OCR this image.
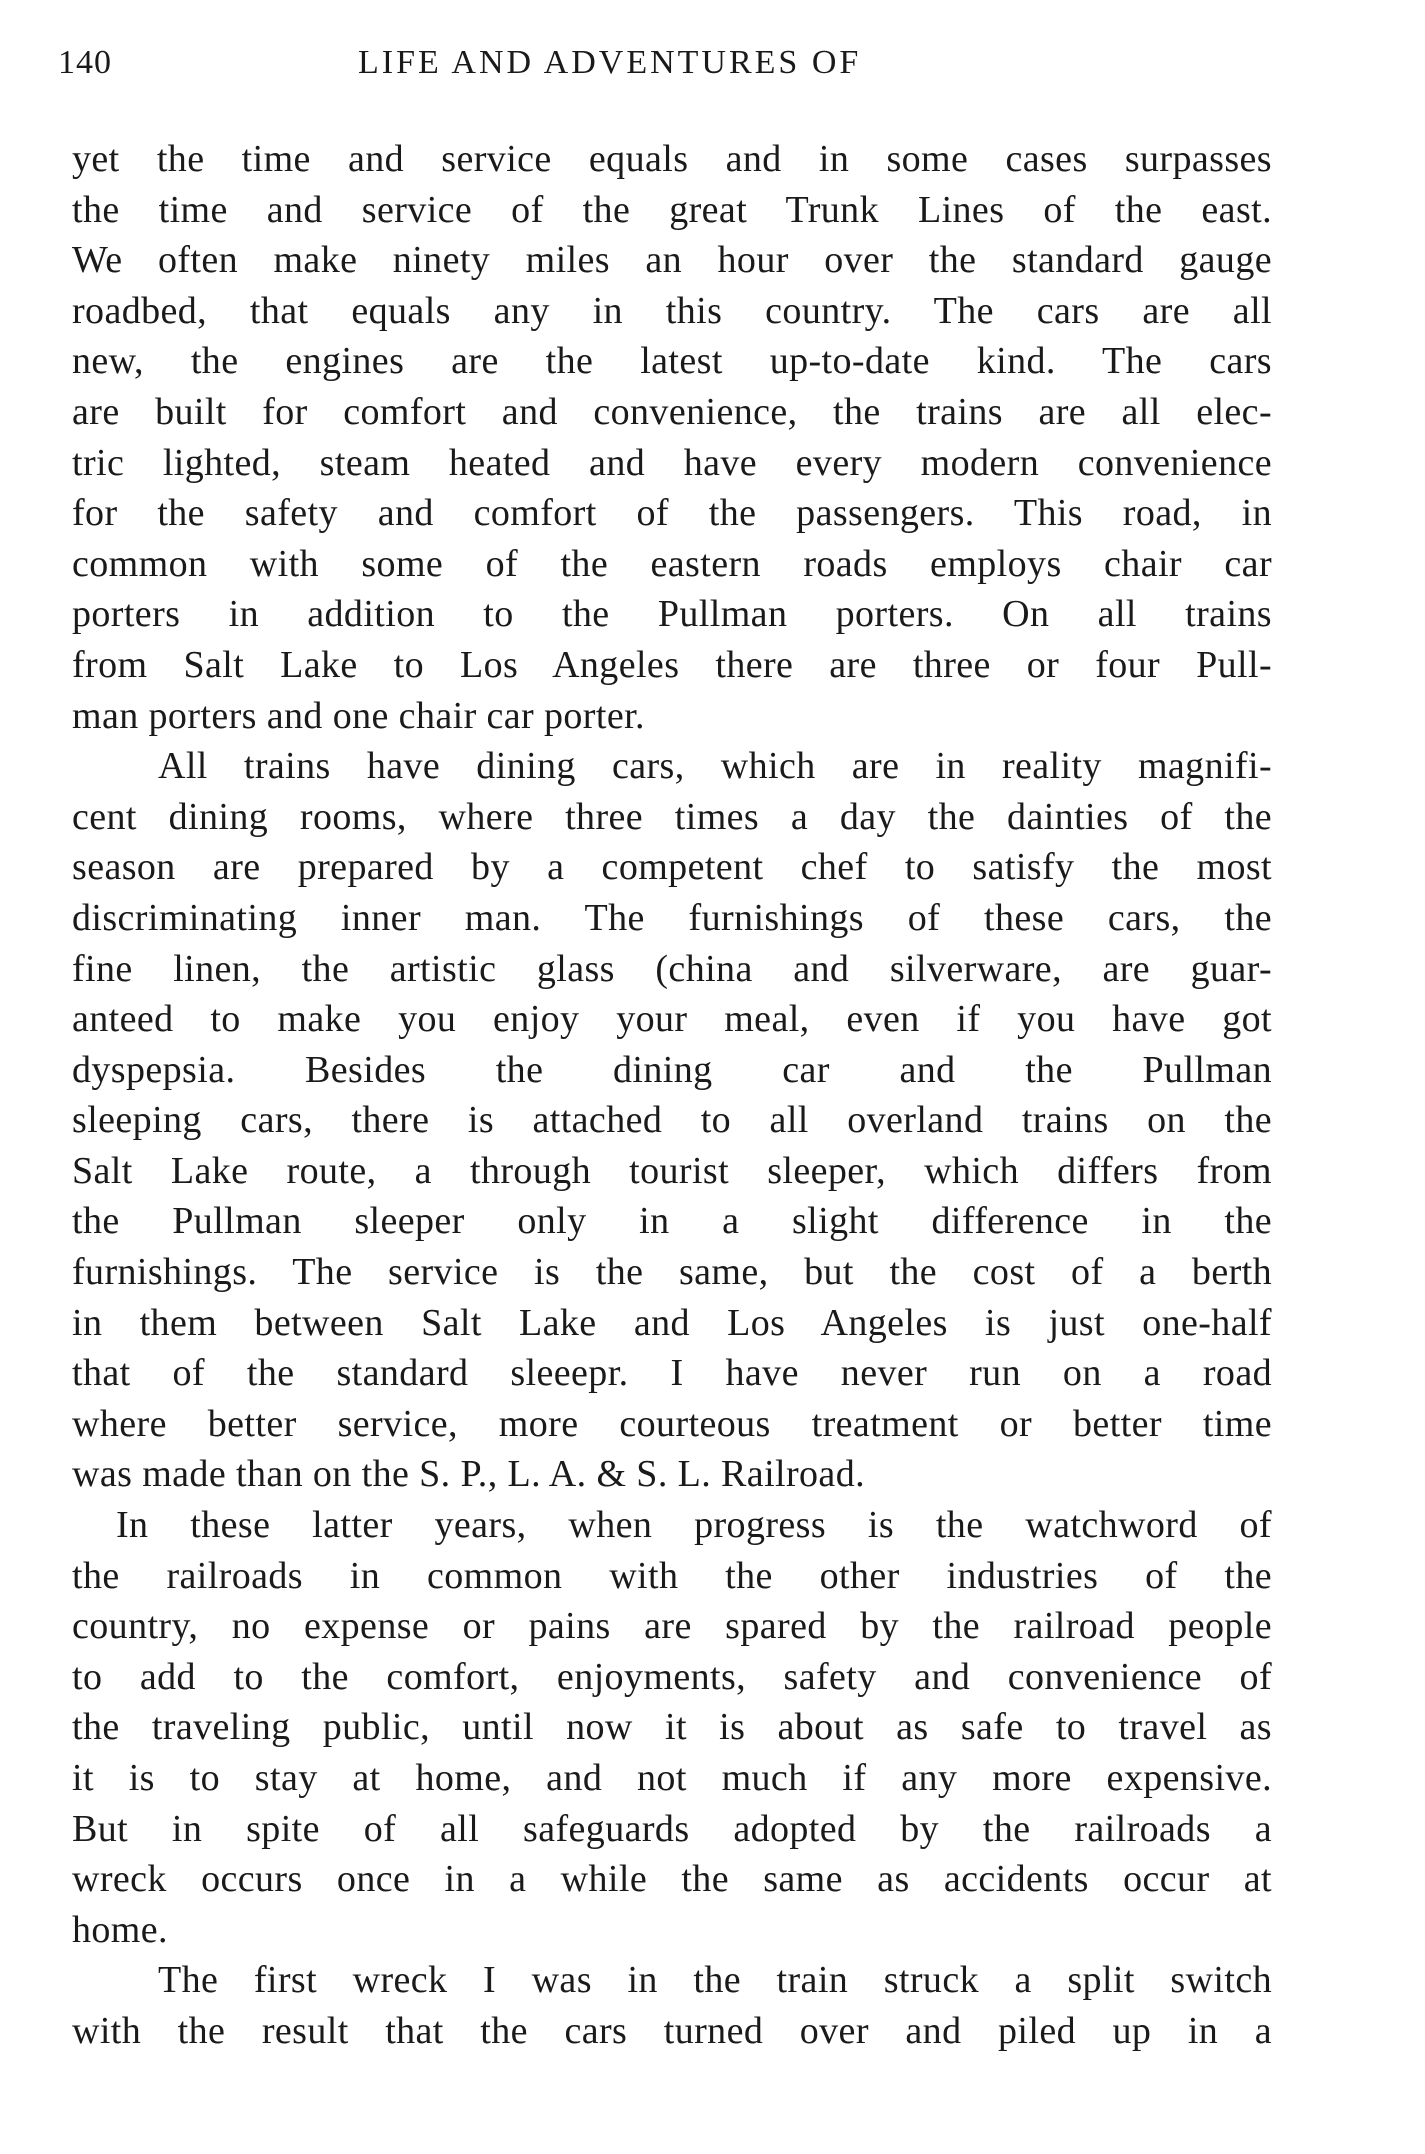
140	LIFE AND ADVENTURES OF
yet the time and service equals and in some cases surpasses
the time and service of the great Trunk Lines of the east.
We often make ninety miles an hour over the standard gauge
roadbed, that equals any in this country. The cars are all
new, the engines are the latest up-to-date kind. The cars
are built for comfort and convenience, the trains are all elec-
tric lighted, steam heated and have every modern convenience
for the safety and comfort of the passengers. This road, in
common with some of the eastern roads employs chair car
porters in addition to the Pullman porters. On all trains
from Salt Lake to Los Angeles there are three or four Pull-
man porters and one chair car porter.
All trains have dining cars, which are in reality magnifi-
cent dining rooms, where three times a day the dainties of the
season are prepared by a competent chef to satisfy the most
discriminating inner man. The furnishings of these cars, the
fine linen, the artistic glass (china and silverware, are guar-
anteed to make you enjoy your meal, even if you have got
dyspepsia. Besides the dining car and the Pullman
sleeping cars, there is attached to all overland trains on the
Salt Lake route, a through tourist sleeper, which differs from
the Pullman sleeper only in a slight difference in the
furnishings. The service is the same, but the cost of a berth
in them between Salt Lake and Los Angeles is just one-half
that of the standard sleeepr. I have never run on a road
where better service, more courteous treatment or better time
was made than on the S. P., L. A. & S. L. Railroad.
In these latter years, when progress is the watchword of
the railroads in common with the other industries of the
country, no expense or pains are spared by the railroad people
to add to the comfort, enjoyments, safety and convenience of
the traveling public, until now it is about as safe to travel as
it is to stay at home, and not much if any more expensive.
But in spite of all safeguards adopted by the railroads a
wreck occurs once in a while the same as accidents occur at
home.
The first wreck I was in the train struck a split switch
with the result that the cars turned over and piled up in a
